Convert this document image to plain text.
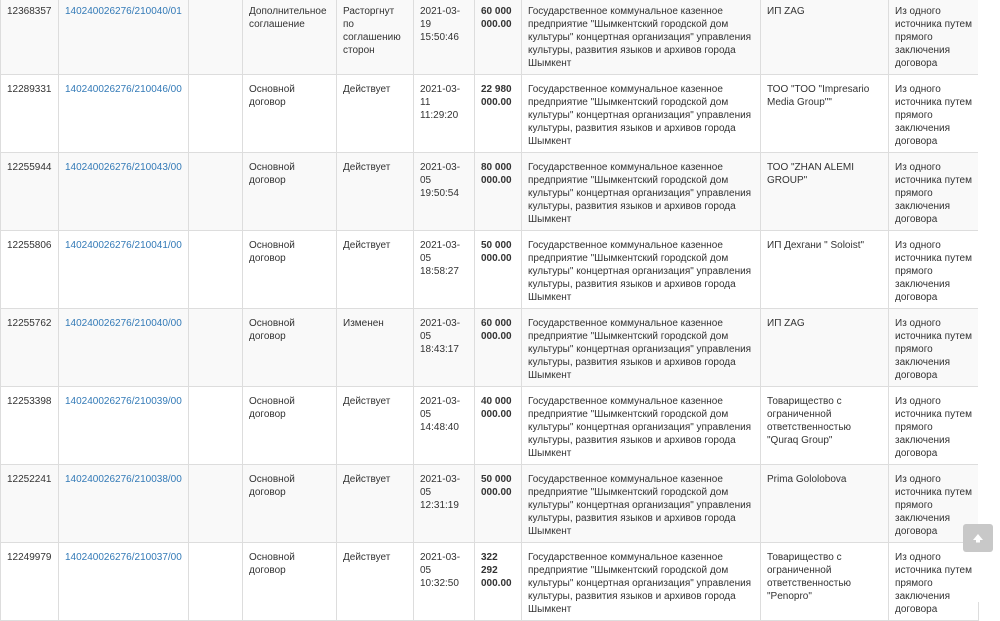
12368357	140240026276/210040/01		Дополнительное соглашение	Расторгнут по соглашению сторон	2021-03-19 15:50:46	60 000 000.00	Государственное коммунальное казенное предприятие "Шымкентский городской дом культуры" концертная организация" управления культуры, развития языков и архивов города Шымкент	ИП ZAG	Из одного источника путем прямого заключения договора
12289331	140240026276/210046/00		Основной договор	Действует	2021-03-11 11:29:20	22 980 000.00	Государственное коммунальное казенное предприятие "Шымкентский городской дом культуры" концертная организация" управления культуры, развития языков и архивов города Шымкент	ТОО "ТОО "Impresario Media Group""	Из одного источника путем прямого заключения договора
12255944	140240026276/210043/00		Основной договор	Действует	2021-03-05 19:50:54	80 000 000.00	Государственное коммунальное казенное предприятие "Шымкентский городской дом культуры" концертная организация" управления культуры, развития языков и архивов города Шымкент	ТОО "ZHAN ALEMI GROUP"	Из одного источника путем прямого заключения договора
12255806	140240026276/210041/00		Основной договор	Действует	2021-03-05 18:58:27	50 000 000.00	Государственное коммунальное казенное предприятие "Шымкентский городской дом культуры" концертная организация" управления культуры, развития языков и архивов города Шымкент	ИП Дехгани " Soloist"	Из одного источника путем прямого заключения договора
12255762	140240026276/210040/00		Основной договор	Изменен	2021-03-05 18:43:17	60 000 000.00	Государственное коммунальное казенное предприятие "Шымкентский городской дом культуры" концертная организация" управления культуры, развития языков и архивов города Шымкент	ИП ZAG	Из одного источника путем прямого заключения договора
12253398	140240026276/210039/00		Основной договор	Действует	2021-03-05 14:48:40	40 000 000.00	Государственное коммунальное казенное предприятие "Шымкентский городской дом культуры" концертная организация" управления культуры, развития языков и архивов города Шымкент	Товарищество с ограниченной ответственностью "Quraq Group"	Из одного источника путем прямого заключения договора
12252241	140240026276/210038/00		Основной договор	Действует	2021-03-05 12:31:19	50 000 000.00	Государственное коммунальное казенное предприятие "Шымкентский городской дом культуры" концертная организация" управления культуры, развития языков и архивов города Шымкент	Prima Gololobova	Из одного источника путем прямого заключения договора
12249979	140240026276/210037/00		Основной договор	Действует	2021-03-05 10:32:50	322 292 000.00	Государственное коммунальное казенное предприятие "Шымкентский городской дом культуры" концертная организация" управления культуры, развития языков и архивов города Шымкент	Товарищество с ограниченной ответственностью "Penopro"	Из одного источника путем прямого заключения договора
